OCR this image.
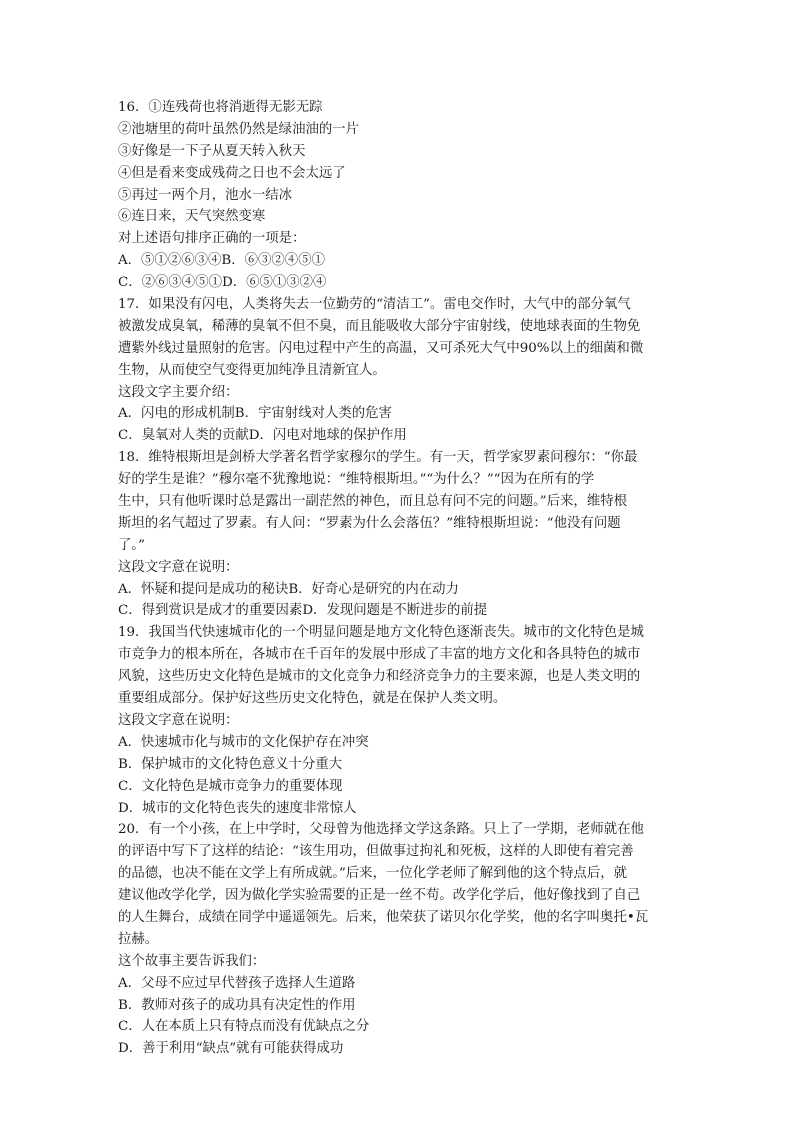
16．①连残荷也将消逝得无影无踪
②池塘里的荷叶虽然仍然是绿油油的一片
③好像是一下子从夏天转入秋天
④但是看来变成残荷之日也不会太远了
⑤再过一两个月，池水一结冰
⑥连日来，天气突然变寒
对上述语句排序正确的一项是：
A．⑤①②⑥③④B．⑥③②④⑤①
C．②⑥③④⑤①D．⑥⑤①③②④
17．如果没有闪电，人类将失去一位勤劳的“清洁工”。雷电交作时，大气中的部分氧气
被激发成臭氧，稀薄的臭氧不但不臭，而且能吸收大部分宇宙射线，使地球表面的生物免
遭紫外线过量照射的危害。闪电过程中产生的高温，又可杀死大气中90%以上的细菌和微
生物，从而使空气变得更加纯净且清新宜人。
这段文字主要介绍：
A．闪电的形成机制B．宇宙射线对人类的危害
C．臭氧对人类的贡献D．闪电对地球的保护作用
18．维特根斯坦是剑桥大学著名哲学家穆尔的学生。有一天，哲学家罗素问穆尔：“你最
好的学生是谁？”穆尔毫不犹豫地说：“维特根斯坦。”“为什么？”“因为在所有的学
生中，只有他听课时总是露出一副茫然的神色，而且总有问不完的问题。”后来，维特根
斯坦的名气超过了罗素。有人问：“罗素为什么会落伍？”维特根斯坦说：“他没有问题
了。”
这段文字意在说明：
A．怀疑和提问是成功的秘诀B．好奇心是研究的内在动力
C．得到赏识是成才的重要因素D．发现问题是不断进步的前提
19．我国当代快速城市化的一个明显问题是地方文化特色逐渐丧失。城市的文化特色是城
市竞争力的根本所在，各城市在千百年的发展中形成了丰富的地方文化和各具特色的城市
风貌，这些历史文化特色是城市的文化竞争力和经济竞争力的主要来源，也是人类文明的
重要组成部分。保护好这些历史文化特色，就是在保护人类文明。
这段文字意在说明：
A．快速城市化与城市的文化保护存在冲突
B．保护城市的文化特色意义十分重大
C．文化特色是城市竞争力的重要体现
D．城市的文化特色丧失的速度非常惊人
20．有一个小孩，在上中学时，父母曾为他选择文学这条路。只上了一学期，老师就在他
的评语中写下了这样的结论：“该生用功，但做事过拘礼和死板，这样的人即使有着完善
的品德，也决不能在文学上有所成就。”后来，一位化学老师了解到他的这个特点后，就
建议他改学化学，因为做化学实验需要的正是一丝不苟。改学化学后，他好像找到了自己
的人生舞台，成绩在同学中遥遥领先。后来，他荣获了诺贝尔化学奖，他的名字叫奥托•瓦
拉赫。
这个故事主要告诉我们：
A．父母不应过早代替孩子选择人生道路
B．教师对孩子的成功具有决定性的作用
C．人在本质上只有特点而没有优缺点之分
D．善于利用“缺点”就有可能获得成功
